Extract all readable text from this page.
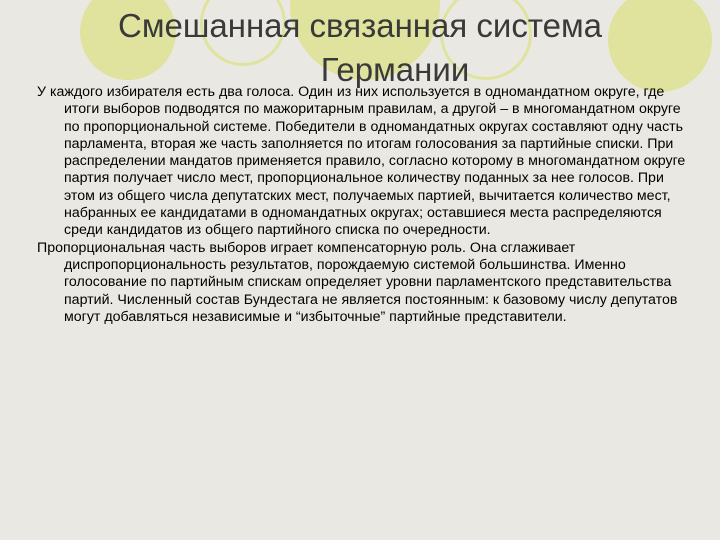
Смешанная связанная система
Германии

У каждого избирателя есть два голоса. Один из них используется в одномандатном округе, где итоги выборов подводятся по мажоритарным правилам, а другой – в многомандатном округе по пропорциональной системе. Победители в одномандатных округах составляют одну часть парламента, вторая же часть заполняется по итогам голосования за партийные списки. При распределении мандатов применяется правило, согласно которому в многомандатном округе партия получает число мест, пропорциональное количеству поданных за нее голосов. При этом из общего числа депутатских мест, получаемых партией, вычитается количество мест, набранных ее кандидатами в одномандатных округах; оставшиеся места распределяются среди кандидатов из общего партийного списка по очередности.

Пропорциональная часть выборов играет компенсаторную роль. Она сглаживает диспропорциональность результатов, порождаемую системой большинства. Именно голосование по партийным спискам определяет уровни парламентского представительства партий. Численный состав Бундестага не является постоянным: к базовому числу депутатов могут добавляться независимые и “избыточные” партийные представители.
